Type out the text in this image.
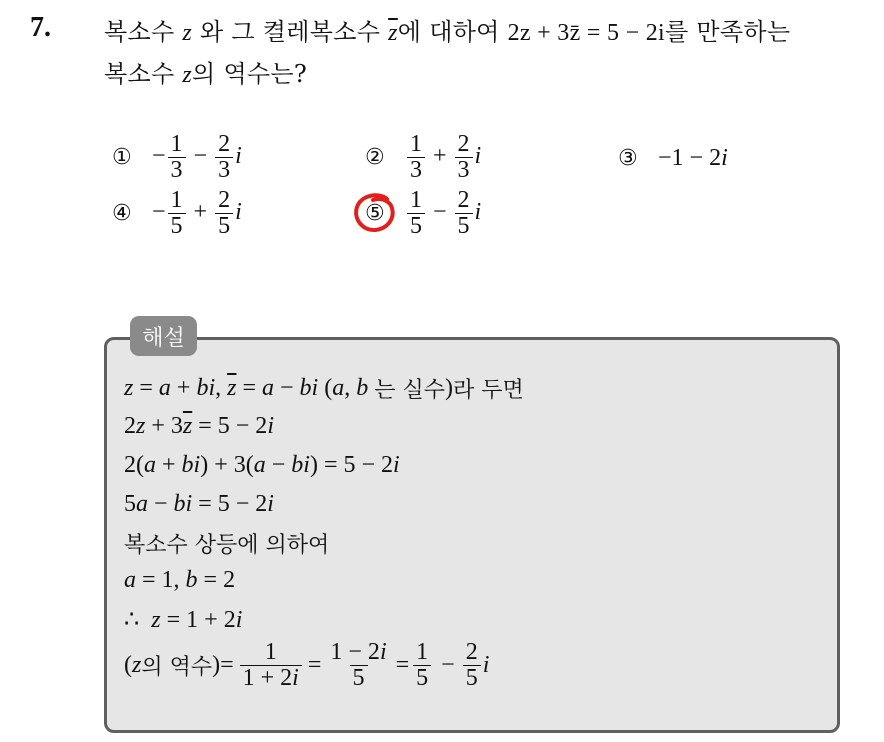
7. 복소수 z 와 그 켤레복소수 $\overline{z}$에 대하여 2z + 3z̄ = 5 − 2i를 만족하는
복소수 z의 역수는?
① − $\frac{1}{3} - \frac{2}{3}$ i	② $\frac{1}{3} + \frac{2}{3}$ i	③ −1 − 2i
④ − $\frac{1}{5} + \frac{2}{5}$ i	⑤ $\frac{1}{5} - \frac{2}{5}$ i
해설
z = a + bi, $\overline{z} = a$ − bi (a, b 는 실수 ) 라 두면
$2z + 3\overline{z} = 5 - 2i$
2(a + bi) + 3(a − bi) = 5 − 2i
5a − bi = 5 − 2i
복소수 상등에 의하여
a = 1, b = 2
∴  z = 1 + 2i
(z 의 역수 )= $\frac{1}{1 + 2i} = \frac{1 - 2i}{5} = \frac{1}{5} - \frac{2}{5}$ i
